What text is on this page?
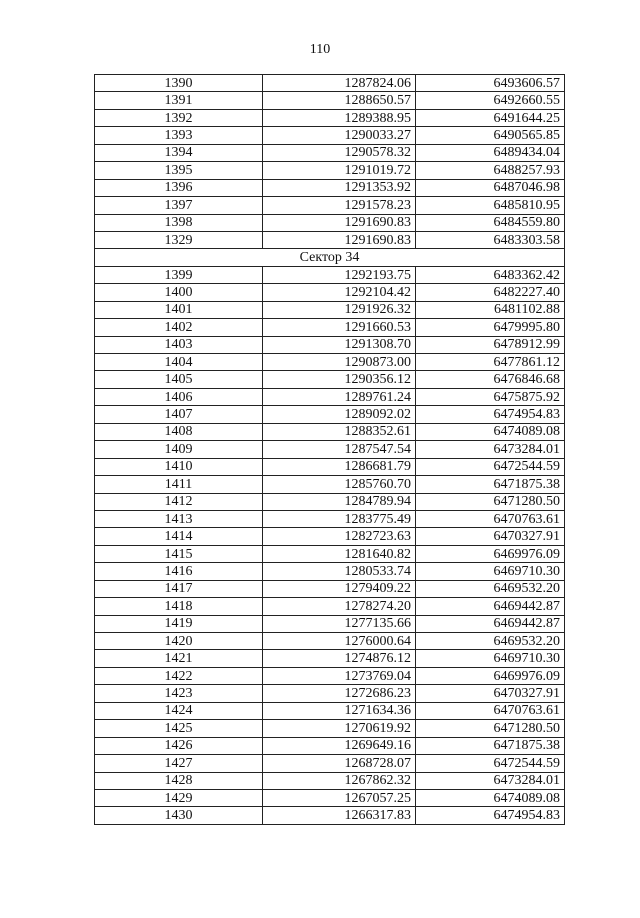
110
1390	1287824.06	6493606.57
1391	1288650.57	6492660.55
1392	1289388.95	6491644.25
1393	1290033.27	6490565.85
1394	1290578.32	6489434.04
1395	1291019.72	6488257.93
1396	1291353.92	6487046.98
1397	1291578.23	6485810.95
1398	1291690.83	6484559.80
1329	1291690.83	6483303.58
Сектор 34		
1399	1292193.75	6483362.42
1400	1292104.42	6482227.40
1401	1291926.32	6481102.88
1402	1291660.53	6479995.80
1403	1291308.70	6478912.99
1404	1290873.00	6477861.12
1405	1290356.12	6476846.68
1406	1289761.24	6475875.92
1407	1289092.02	6474954.83
1408	1288352.61	6474089.08
1409	1287547.54	6473284.01
1410	1286681.79	6472544.59
1411	1285760.70	6471875.38
1412	1284789.94	6471280.50
1413	1283775.49	6470763.61
1414	1282723.63	6470327.91
1415	1281640.82	6469976.09
1416	1280533.74	6469710.30
1417	1279409.22	6469532.20
1418	1278274.20	6469442.87
1419	1277135.66	6469442.87
1420	1276000.64	6469532.20
1421	1274876.12	6469710.30
1422	1273769.04	6469976.09
1423	1272686.23	6470327.91
1424	1271634.36	6470763.61
1425	1270619.92	6471280.50
1426	1269649.16	6471875.38
1427	1268728.07	6472544.59
1428	1267862.32	6473284.01
1429	1267057.25	6474089.08
1430	1266317.83	6474954.83
